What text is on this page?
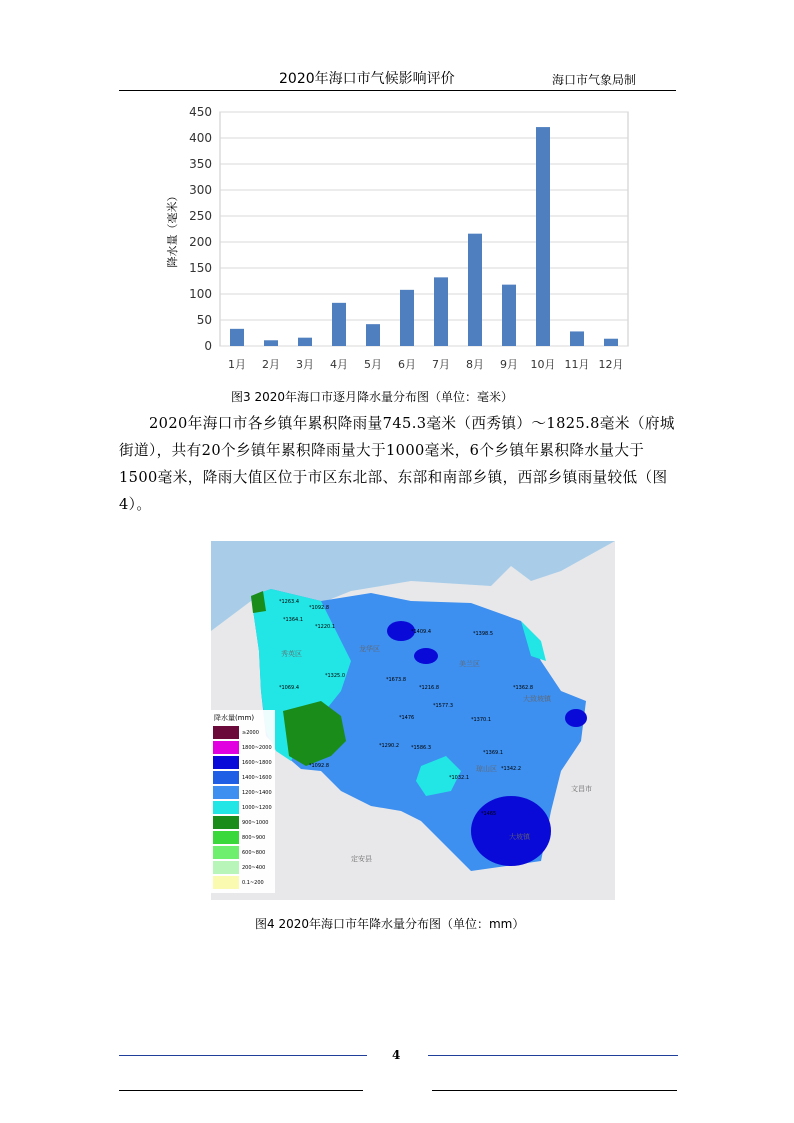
2020年海口市气候影响评价	海口市气象局制
0
50
100
150
200
250
300
350
400
450
1月 2月 3月 4月 5月 6月 7月 8月 9月 10月 11月 12月
降水量（毫米）
图3 2020年海口市逐月降水量分布图（单位：毫米）
2020年海口市各乡镇年累积降雨量745.3毫米（西秀镇）～1825.8毫米（府城街道），共有20个乡镇年累积降雨量大于1000毫米，6个乡镇年累积降水量大于1500毫米，降雨大值区位于市区东北部、东部和南部乡镇，西部乡镇雨量较低（图4）。
*1263.4
*1092.8
*1364.1
*1220.1
*1409.4	*1398.5
*1325.0
*1069.4
*1673.8
*1216.8	*1362.8
*1577.3
*1476	*1370.1
*1290.2 *1586.3
*1369.1
*1342.2
*1032.1
*1092.8
*1465
秀英区
龙华区
美兰区
琼山区
文昌市
定安县
大致坡镇
大坡镇
降水量(mm)
≥2000
1800~2000
1600~1800
1400~1600
1200~1400
1000~1200
900~1000
800~900
600~800
200~400
0.1~200
图4 2020年海口市年降水量分布图（单位：mm）
4
